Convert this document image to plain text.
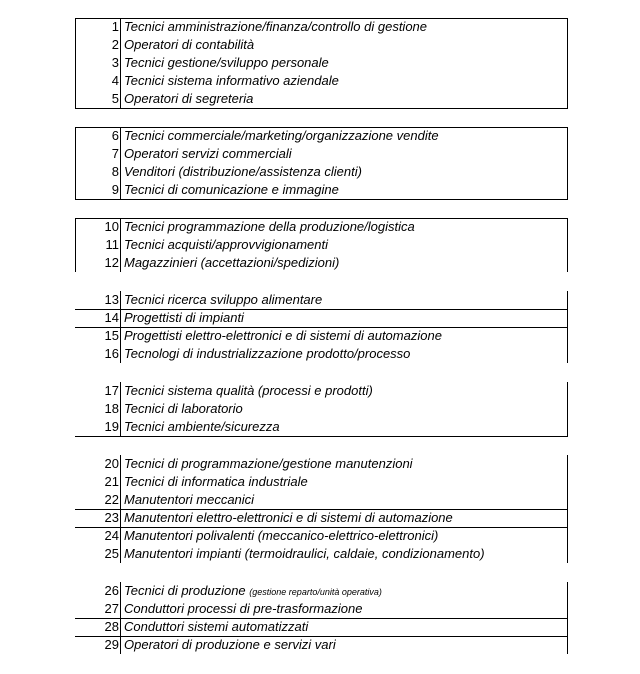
1 Tecnici amministrazione/finanza/controllo di gestione
2 Operatori di contabilità
3 Tecnici gestione/sviluppo personale
4 Tecnici sistema informativo aziendale
5 Operatori di segreteria
6 Tecnici commerciale/marketing/organizzazione vendite
7 Operatori servizi commerciali
8 Venditori (distribuzione/assistenza clienti)
9 Tecnici di comunicazione e immagine
10 Tecnici programmazione della produzione/logistica
11 Tecnici acquisti/approvvigionamenti
12 Magazzinieri (accettazioni/spedizioni)
13 Tecnici ricerca sviluppo alimentare
14 Progettisti di impianti
15 Progettisti elettro-elettronici e di sistemi di automazione
16 Tecnologi di industrializzazione prodotto/processo
17 Tecnici sistema qualità (processi e prodotti)
18 Tecnici di laboratorio
19 Tecnici ambiente/sicurezza
20 Tecnici di programmazione/gestione manutenzioni
21 Tecnici di informatica industriale
22 Manutentori meccanici
23 Manutentori elettro-elettronici e di sistemi di automazione
24 Manutentori polivalenti (meccanico-elettrico-elettronici)
25 Manutentori impianti (termoidraulici, caldaie, condizionamento)
26 Tecnici di produzione (gestione reparto/unità operativa)
27 Conduttori processi di pre-trasformazione
28 Conduttori sistemi automatizzati
29 Operatori di produzione e servizi vari
